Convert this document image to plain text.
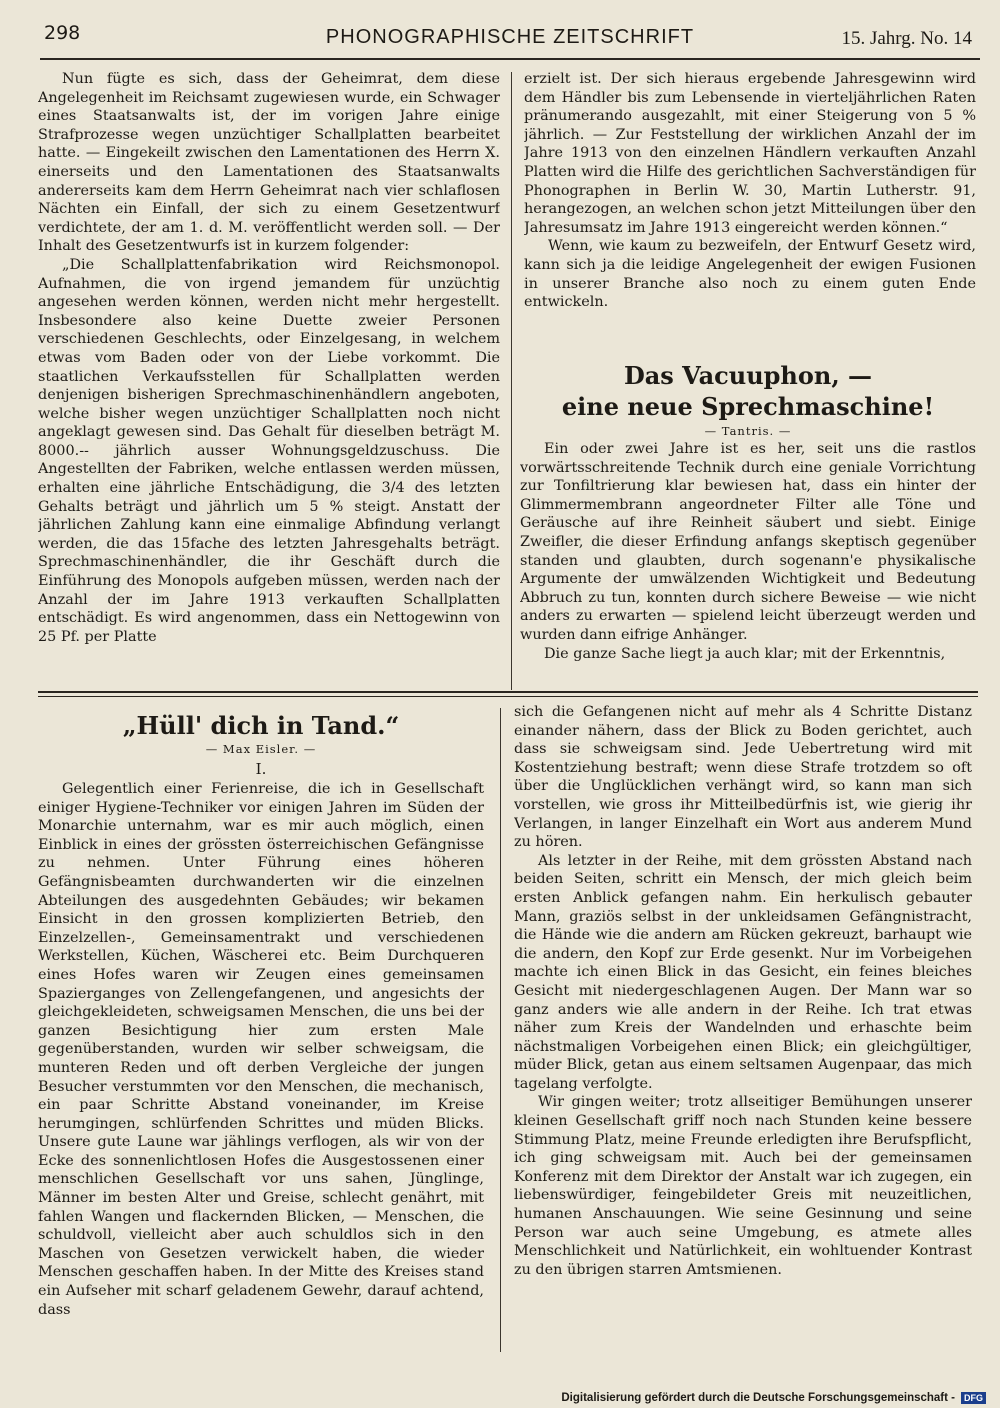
298	PHONOGRAPHISCHE ZEITSCHRIFT	15. Jahrg. No. 14

Nun fügte es sich, dass der Geheimrat, dem diese Angelegenheit im Reichsamt zugewiesen wurde, ein Schwager eines Staatsanwalts ist, der im vorigen Jahre einige Strafprozesse wegen unzüchtiger Schallplatten bearbeitet hatte. — Eingekeilt zwischen den Lamentationen des Herrn X. einerseits und den Lamentationen des Staatsanwalts andererseits kam dem Herrn Geheimrat nach vier schlaflosen Nächten ein Einfall, der sich zu einem Gesetzentwurf verdichtete, der am 1. d. M. veröffentlicht werden soll. — Der Inhalt des Gesetzentwurfs ist in kurzem folgender:

„Die Schallplattenfabrikation wird Reichsmonopol. Aufnahmen, die von irgend jemandem für unzüchtig angesehen werden können, werden nicht mehr hergestellt. Insbesondere also keine Duette zweier Personen verschiedenen Geschlechts, oder Einzelgesang, in welchem etwas vom Baden oder von der Liebe vorkommt. Die staatlichen Verkaufsstellen für Schallplatten werden denjenigen bisherigen Sprechmaschinenhändlern angeboten, welche bisher wegen unzüchtiger Schallplatten noch nicht angeklagt gewesen sind. Das Gehalt für dieselben beträgt M. 8000.-- jährlich ausser Wohnungsgeldzuschuss. Die Angestellten der Fabriken, welche entlassen werden müssen, erhalten eine jährliche Entschädigung, die 3/4 des letzten Gehalts beträgt und jährlich um 5 % steigt. Anstatt der jährlichen Zahlung kann eine einmalige Abfindung verlangt werden, die das 15fache des letzten Jahresgehalts beträgt. Sprechmaschinenhändler, die ihr Geschäft durch die Einführung des Monopols aufgeben müssen, werden nach der Anzahl der im Jahre 1913 verkauften Schallplatten entschädigt. Es wird angenommen, dass ein Nettogewinn von 25 Pf. per Platte

erzielt ist. Der sich hieraus ergebende Jahresgewinn wird dem Händler bis zum Lebensende in vierteljährlichen Raten pränumerando ausgezahlt, mit einer Steigerung von 5 % jährlich. — Zur Feststellung der wirklichen Anzahl der im Jahre 1913 von den einzelnen Händlern verkauften Anzahl Platten wird die Hilfe des gerichtlichen Sachverständigen für Phonographen in Berlin W. 30, Martin Lutherstr. 91, herangezogen, an welchen schon jetzt Mitteilungen über den Jahresumsatz im Jahre 1913 eingereicht werden können.“

Wenn, wie kaum zu bezweifeln, der Entwurf Gesetz wird, kann sich ja die leidige Angelegenheit der ewigen Fusionen in unserer Branche also noch zu einem guten Ende entwickeln.

Das Vacuuphon, —
eine neue Sprechmaschine!
— Tantris. —

Ein oder zwei Jahre ist es her, seit uns die rastlos vorwärtsschreitende Technik durch eine geniale Vorrichtung zur Tonfiltrierung klar bewiesen hat, dass ein hinter der Glimmermembrann angeordneter Filter alle Töne und Geräusche auf ihre Reinheit säubert und siebt. Einige Zweifler, die dieser Erfindung anfangs skeptisch gegenüber standen und glaubten, durch sogenann'e physikalische Argumente der umwälzenden Wichtigkeit und Bedeutung Abbruch zu tun, konnten durch sichere Beweise — wie nicht anders zu erwarten — spielend leicht überzeugt werden und wurden dann eifrige Anhänger.

Die ganze Sache liegt ja auch klar; mit der Erkenntnis,

„Hüll' dich in Tand.“
— Max Eisler. —
I.

Gelegentlich einer Ferienreise, die ich in Gesellschaft einiger Hygiene-Techniker vor einigen Jahren im Süden der Monarchie unternahm, war es mir auch möglich, einen Einblick in eines der grössten österreichischen Gefängnisse zu nehmen. Unter Führung eines höheren Gefängnisbeamten durchwanderten wir die einzelnen Abteilungen des ausgedehnten Gebäudes; wir bekamen Einsicht in den grossen komplizierten Betrieb, den Einzelzellen-, Gemeinsamentrakt und verschiedenen Werkstellen, Küchen, Wäscherei etc. Beim Durchqueren eines Hofes waren wir Zeugen eines gemeinsamen Spazierganges von Zellengefangenen, und angesichts der gleichgekleideten, schweigsamen Menschen, die uns bei der ganzen Besichtigung hier zum ersten Male gegenüberstanden, wurden wir selber schweigsam, die munteren Reden und oft derben Vergleiche der jungen Besucher verstummten vor den Menschen, die mechanisch, ein paar Schritte Abstand voneinander, im Kreise herumgingen, schlürfenden Schrittes und müden Blicks. Unsere gute Laune war jählings verflogen, als wir von der Ecke des sonnenlichtlosen Hofes die Ausgestossenen einer menschlichen Gesellschaft vor uns sahen, Jünglinge, Männer im besten Alter und Greise, schlecht genährt, mit fahlen Wangen und flackernden Blicken, — Menschen, die schuldvoll, vielleicht aber auch schuldlos sich in den Maschen von Gesetzen verwickelt haben, die wieder Menschen geschaffen haben. In der Mitte des Kreises stand ein Aufseher mit scharf geladenem Gewehr, darauf achtend, dass

sich die Gefangenen nicht auf mehr als 4 Schritte Distanz einander nähern, dass der Blick zu Boden gerichtet, auch dass sie schweigsam sind. Jede Uebertretung wird mit Kostentziehung bestraft; wenn diese Strafe trotzdem so oft über die Unglücklichen verhängt wird, so kann man sich vorstellen, wie gross ihr Mitteilbedürfnis ist, wie gierig ihr Verlangen, in langer Einzelhaft ein Wort aus anderem Mund zu hören.

Als letzter in der Reihe, mit dem grössten Abstand nach beiden Seiten, schritt ein Mensch, der mich gleich beim ersten Anblick gefangen nahm. Ein herkulisch gebauter Mann, graziös selbst in der unkleidsamen Gefängnistracht, die Hände wie die andern am Rücken gekreuzt, barhaupt wie die andern, den Kopf zur Erde gesenkt. Nur im Vorbeigehen machte ich einen Blick in das Gesicht, ein feines bleiches Gesicht mit niedergeschlagenen Augen. Der Mann war so ganz anders wie alle andern in der Reihe. Ich trat etwas näher zum Kreis der Wandelnden und erhaschte beim nächstmaligen Vorbeigehen einen Blick; ein gleichgültiger, müder Blick, getan aus einem seltsamen Augenpaar, das mich tagelang verfolgte.

Wir gingen weiter; trotz allseitiger Bemühungen unserer kleinen Gesellschaft griff noch nach Stunden keine bessere Stimmung Platz, meine Freunde erledigten ihre Berufspflicht, ich ging schweigsam mit. Auch bei der gemeinsamen Konferenz mit dem Direktor der Anstalt war ich zugegen, ein liebenswürdiger, feingebildeter Greis mit neuzeitlichen, humanen Anschauungen. Wie seine Gesinnung und seine Person war auch seine Umgebung, es atmete alles Menschlichkeit und Natürlichkeit, ein wohltuender Kontrast zu den übrigen starren Amtsmienen.

Digitalisierung gefördert durch die Deutsche Forschungsgemeinschaft -	DFG
